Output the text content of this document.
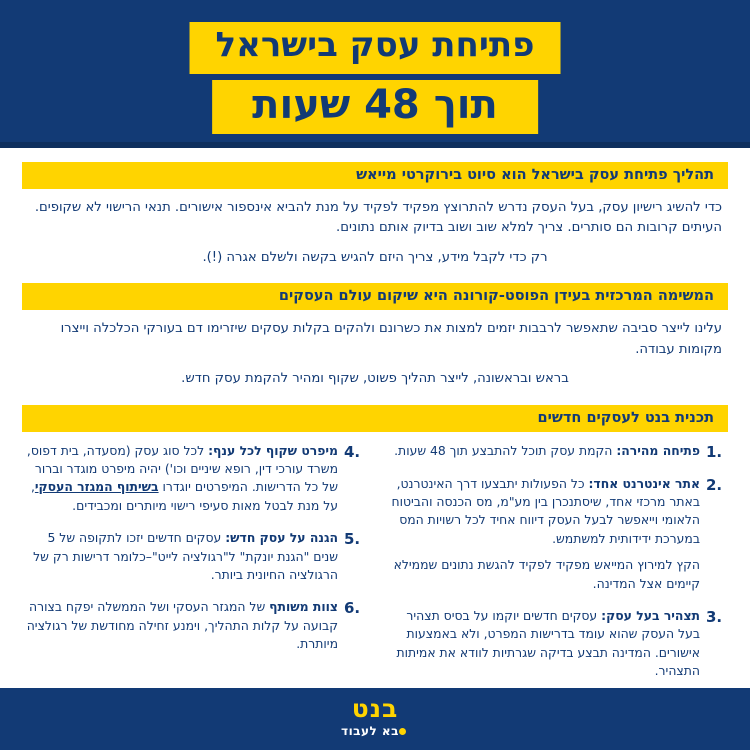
פתיחת עסק בישראל
תוך 48 שעות
תהליך פתיחת עסק בישראל הוא סיוט בירוקרטי מייאש
כדי להשיג רישיון עסק, בעל העסק נדרש להתרוצץ מפקיד לפקיד על מנת להביא אינספור אישורים. תנאי הרישוי לא שקופים. העיתים קרובות הם סותרים. צריך למלא שוב ושוב בדיוק אותם נתונים.
רק כדי לקבל מידע, צריך היזם להגיש בקשה ולשלם אגרה (!).
המשימה המרכזית בעידן הפוסט-קורונה היא שיקום עולם העסקים
עלינו לייצר סביבה שתאפשר לרבבות יזמים למצות את כשרונם ולהקים בקלות עסקים שיזרימו דם בעורקי הכלכלה וייצרו מקומות עבודה.
בראש ובראשונה, לייצר תהליך פשוט, שקוף ומהיר להקמת עסק חדש.
תכנית בנט לעסקים חדשים
1.
פתיחה מהירה: הקמת עסק תוכל להתבצע תוך 48 שעות.
2.
אתר אינטרנט אחד: כל הפעולות יתבצעו דרך האינטרנט, באתר מרכזי אחד, שיסתנכרן בין מע"מ, מס הכנסה והביטוח הלאומי וייאפשר לבעל העסק דיווח אחיד לכל רשויות המס במערכת ידידותית למשתמש.
הקץ למירוץ המייאש מפקיד לפקיד להגשת נתונים שממילא קיימים אצל המדינה.
3.
תצהיר בעל עסק: עסקים חדשים יוקמו על בסיס תצהיר בעל העסק שהוא עומד בדרישות המפרט, ולא באמצעות אישורים. המדינה תבצע בדיקה שגרתיות לוודא את אמיתות התצהיר.
4.
מיפרט שקוף לכל ענף: לכל סוג עסק (מסעדה, בית דפוס, משרד עורכי דין, רופא שיניים וכו') יהיה מיפרט מוגדר וברור של כל הדרישות. המיפרטים יוגדרו בשיתוף המגזר העסקי, על מנת לבטל מאות סעיפי רישוי מיותרים ומכבידים.
5.
הגנה על עסק חדש: עסקים חדשים יזכו לתקופה של 5 שנים "הגנת יונקת" ל"רגולציה לייט"–כלומר דרישות רק של הרגולציה החיונית ביותר.
6.
צוות משותף של המגזר העסקי ושל הממשלה יפקח בצורה קבועה על קלות התהליך, וימנע זחילה מחודשת של רגולציה מיותרת.
בנט
בא לעבוד
